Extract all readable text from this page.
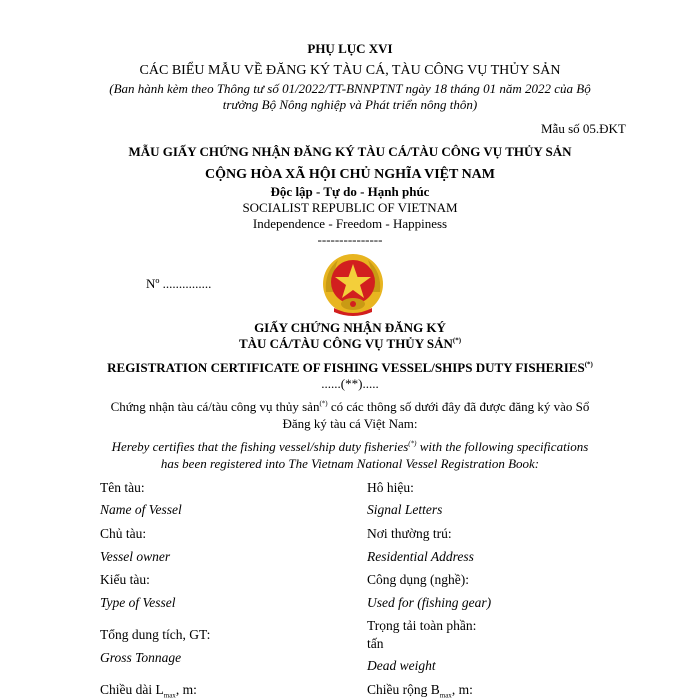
PHỤ LỤC XVI
CÁC BIỂU MẪU VỀ ĐĂNG KÝ TÀU CÁ, TÀU CÔNG VỤ THỦY SẢN
(Ban hành kèm theo Thông tư số 01/2022/TT-BNNPTNT ngày 18 tháng 01 năm 2022 của Bộ
trưởng Bộ Nông nghiệp và Phát triển nông thôn)
Mẫu số 05.ĐKT
MẪU GIẤY CHỨNG NHẬN ĐĂNG KÝ TÀU CÁ/TÀU CÔNG VỤ THỦY SẢN
CỘNG HÒA XÃ HỘI CHỦ NGHĨA VIỆT NAM
Độc lập - Tự do - Hạnh phúc
SOCIALIST REPUBLIC OF VIETNAM
Independence - Freedom - Happiness
---------------
Nº ...............
GIẤY CHỨNG NHẬN ĐĂNG KÝ
TÀU CÁ/TÀU CÔNG VỤ THỦY SẢN(*)
REGISTRATION CERTIFICATE OF FISHING VESSEL/SHIPS DUTY FISHERIES(*)
......(**).....
Chứng nhận tàu cá/tàu công vụ thủy sản(*) có các thông số dưới đây đã được đăng ký vào Sổ
Đăng ký tàu cá Việt Nam:
Hereby certifies that the fishing vessel/ship duty fisheries(*) with the following specifications
has been registered into The Vietnam National Vessel Registration Book:
Tên tàu:
Name of Vessel
Chủ tàu:
Vessel owner
Kiểu tàu:
Type of Vessel
Tổng dung tích, GT:
Gross Tonnage
Chiều dài $L_{max}$, m:
Hô hiệu:
Signal Letters
Nơi thường trú:
Residential Address
Công dụng (nghề):
Used for (fishing gear)
Trọng tải toàn phần:
tấn
Dead weight
Chiều rộng $B_{max}$, m:
